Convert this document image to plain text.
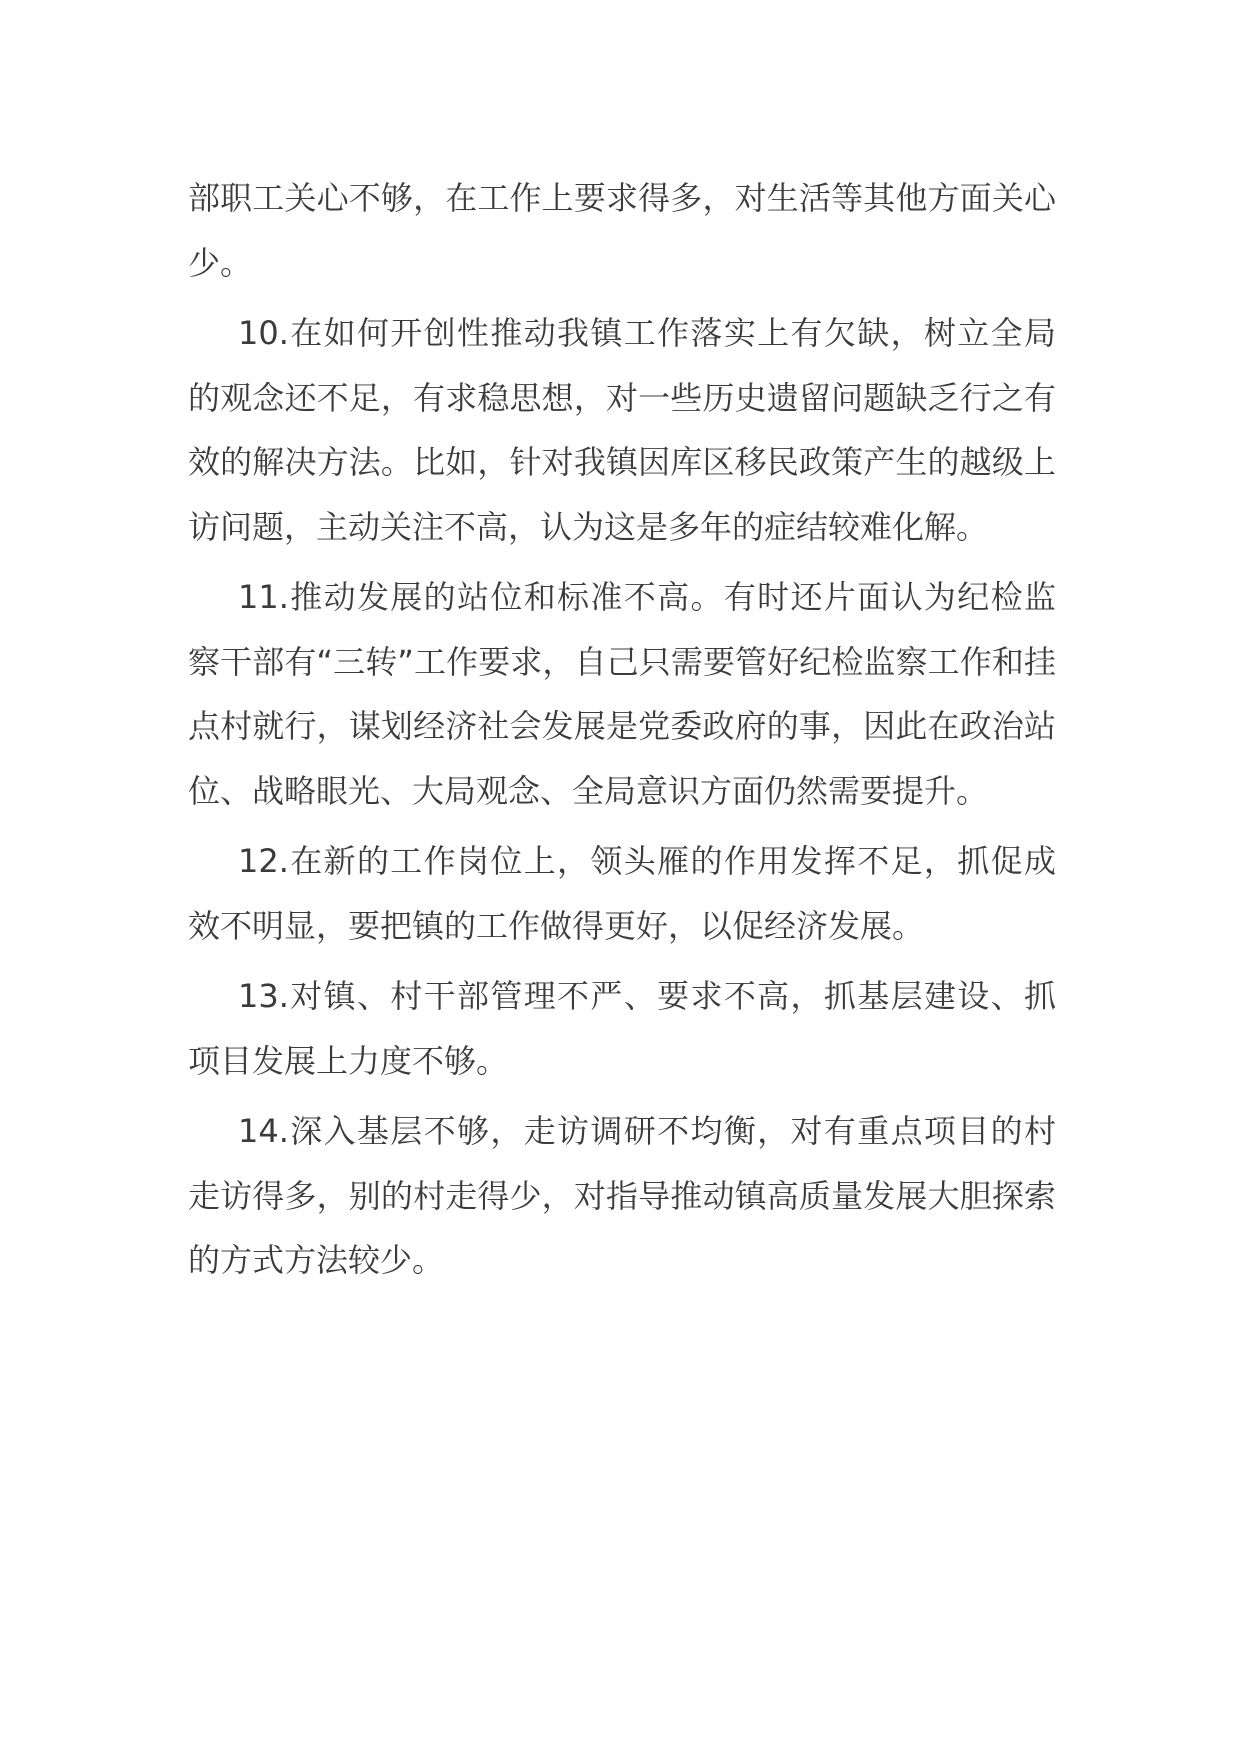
部职工关心不够，在工作上要求得多，对生活等其他方面关心少。

10.在如何开创性推动我镇工作落实上有欠缺，树立全局的观念还不足，有求稳思想，对一些历史遗留问题缺乏行之有效的解决方法。比如，针对我镇因库区移民政策产生的越级上访问题，主动关注不高，认为这是多年的症结较难化解。

11.推动发展的站位和标准不高。有时还片面认为纪检监察干部有“三转”工作要求，自己只需要管好纪检监察工作和挂点村就行，谋划经济社会发展是党委政府的事，因此在政治站位、战略眼光、大局观念、全局意识方面仍然需要提升。

12.在新的工作岗位上，领头雁的作用发挥不足，抓促成效不明显，要把镇的工作做得更好，以促经济发展。

13.对镇、村干部管理不严、要求不高，抓基层建设、抓项目发展上力度不够。

14.深入基层不够，走访调研不均衡，对有重点项目的村走访得多，别的村走得少，对指导推动镇高质量发展大胆探索的方式方法较少。
